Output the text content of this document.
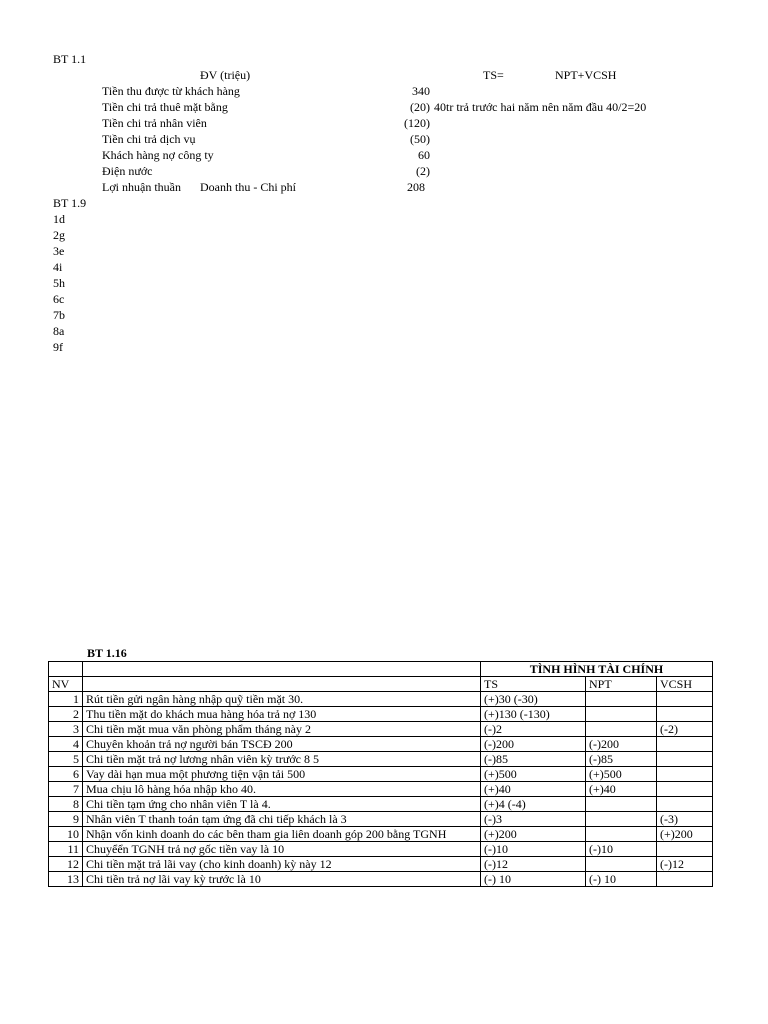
BT 1.1
ĐV (triệu)	TS=	NPT+VCSH
Tiền thu được từ khách hàng	340
Tiền chi trả thuê mặt bằng	(20) 40tr trả trước hai năm nên năm đầu 40/2=20
Tiền chi trả nhân viên	(120)
Tiền chi trả dịch vụ	(50)
Khách hàng nợ công ty	60
Điện nước	(2)
Lợi nhuận thuần Doanh thu - Chi phí	208
BT 1.9
1d
2g
3e
4i
5h
6c
7b
8a
9f
BT 1.16
		TÌNH HÌNH TÀI CHÍNH		
NV		TS	NPT	VCSH
1	Rút tiền gửi ngân hàng nhập quỹ tiền mặt 30.	(+)30 (-30)		
2	Thu tiền mặt do khách mua hàng hóa trả nợ 130	(+)130 (-130)		
3	Chi tiền mặt mua văn phòng phẩm tháng này 2	(-)2		(-2)
4	Chuyên khoản trả nợ người bán TSCĐ 200	(-)200	(-)200	
5	Chi tiền mặt trả nợ lương nhân viên kỳ trước 8 5	(-)85	(-)85	
6	Vay dài hạn mua một phương tiện vận tải 500	(+)500	(+)500	
7	Mua chịu lô hàng hóa nhập kho 40.	(+)40	(+)40	
8	Chi tiền tạm ứng cho nhân viên T là 4.	(+)4 (-4)		
9	Nhân viên T thanh toán tạm ứng đã chi tiếp khách là 3	(-)3		(-3)
10	Nhận vốn kinh doanh do các bên tham gia liên doanh góp 200 bằng TGNH	(+)200		(+)200
11	Chuyểển TGNH trả nợ gốc tiền vay là 10	(-)10	(-)10	
12	Chi tiền mặt trả lãi vay (cho kinh doanh) kỳ này 12	(-)12		(-)12
13	Chi tiền trả nợ lãi vay kỳ trước là 10	(-) 10	(-) 10	
